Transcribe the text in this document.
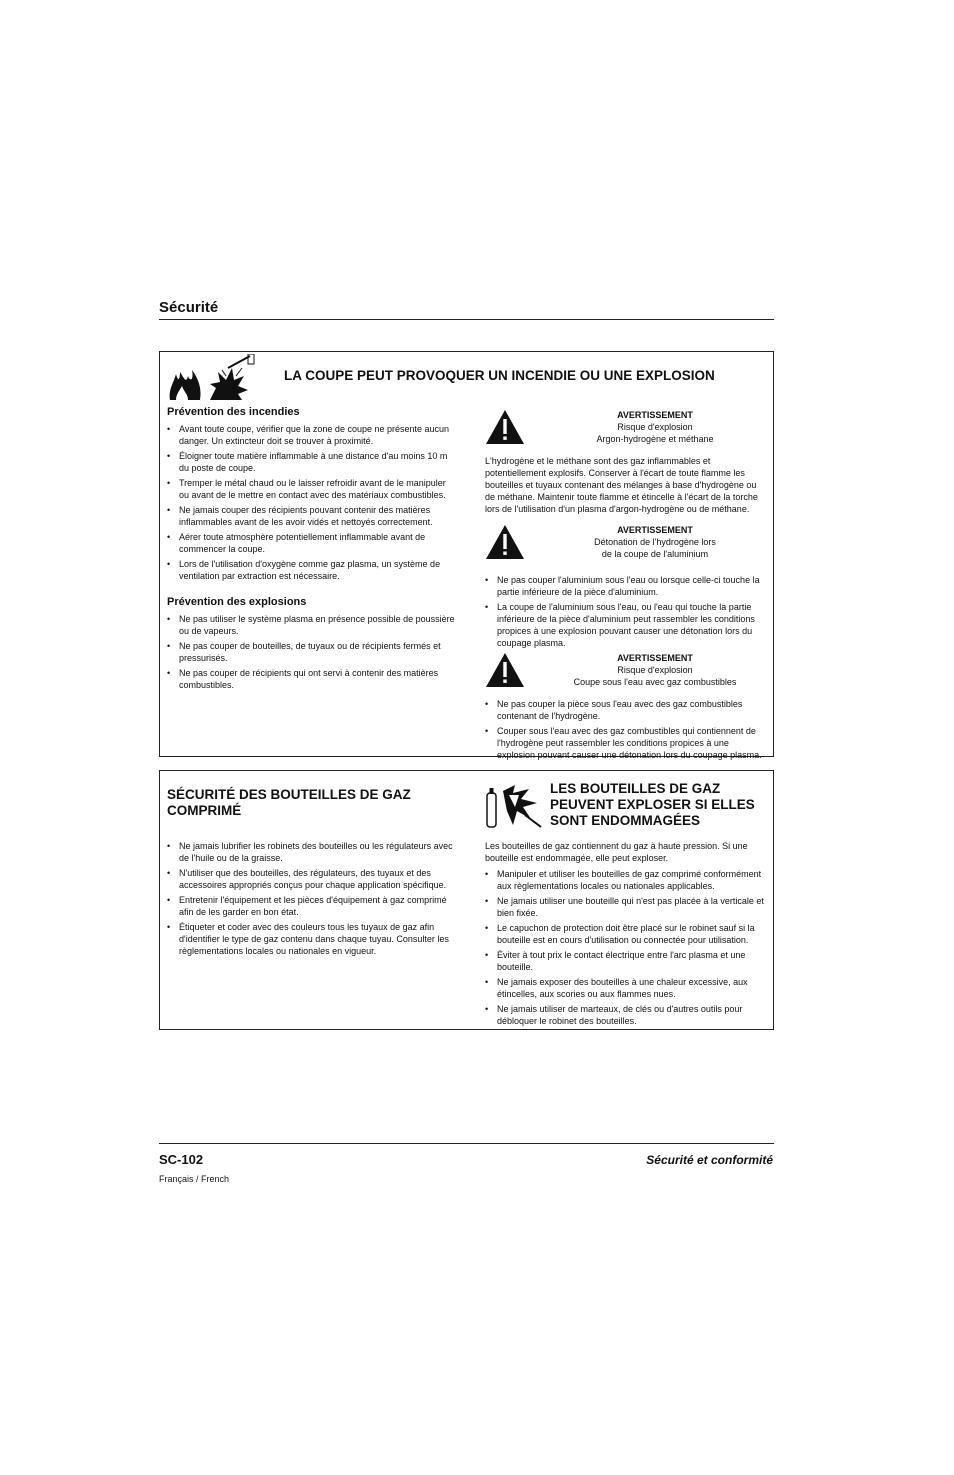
Sécurité
LA COUPE PEUT PROVOQUER UN INCENDIE OU UNE EXPLOSION
Prévention des incendies
• Avant toute coupe, vérifier que la zone de coupe ne présente aucun danger. Un extincteur doit se trouver à proximité.
• Éloigner toute matière inflammable à une distance d'au moins 10 m du poste de coupe.
• Tremper le métal chaud ou le laisser refroidir avant de le manipuler ou avant de le mettre en contact avec des matériaux combustibles.
• Ne jamais couper des récipients pouvant contenir des matières inflammables avant de les avoir vidés et nettoyés correctement.
• Aérer toute atmosphère potentiellement inflammable avant de commencer la coupe.
• Lors de l'utilisation d'oxygène comme gaz plasma, un système de ventilation par extraction est nécessaire.
Prévention des explosions
• Ne pas utiliser le système plasma en présence possible de poussière ou de vapeurs.
• Ne pas couper de bouteilles, de tuyaux ou de récipients fermés et pressurisés.
• Ne pas couper de récipients qui ont servi à contenir des matières combustibles.
AVERTISSEMENT
Risque d'explosion
Argon-hydrogène et méthane
L'hydrogène et le méthane sont des gaz inflammables et potentiellement explosifs. Conserver à l'écart de toute flamme les bouteilles et tuyaux contenant des mélanges à base d'hydrogène ou de méthane. Maintenir toute flamme et étincelle à l'écart de la torche lors de l'utilisation d'un plasma d'argon-hydrogène ou de méthane.
AVERTISSEMENT
Détonation de l'hydrogène lors
de la coupe de l'aluminium
• Ne pas couper l'aluminium sous l'eau ou lorsque celle-ci touche la partie inférieure de la pièce d'aluminium.
• La coupe de l'aluminium sous l'eau, ou l'eau qui touche la partie inférieure de la pièce d'aluminium peut rassembler les conditions propices à une explosion pouvant causer une détonation lors du coupage plasma.
AVERTISSEMENT
Risque d'explosion
Coupe sous l'eau avec gaz combustibles
• Ne pas couper la pièce sous l'eau avec des gaz combustibles contenant de l'hydrogène.
• Couper sous l'eau avec des gaz combustibles qui contiennent de l'hydrogène peut rassembler les conditions propices à une explosion pouvant causer une détonation lors du coupage plasma.
SÉCURITÉ DES BOUTEILLES DE GAZ COMPRIMÉ
• Ne jamais lubrifier les robinets des bouteilles ou les régulateurs avec de l'huile ou de la graisse.
• N'utiliser que des bouteilles, des régulateurs, des tuyaux et des accessoires appropriés conçus pour chaque application spécifique.
• Entretenir l'équipement et les pièces d'équipement à gaz comprimé afin de les garder en bon état.
• Étiqueter et coder avec des couleurs tous les tuyaux de gaz afin d'identifier le type de gaz contenu dans chaque tuyau. Consulter les règlementations locales ou nationales en vigueur.
LES BOUTEILLES DE GAZ PEUVENT EXPLOSER SI ELLES SONT ENDOMMAGÉES
Les bouteilles de gaz contiennent du gaz à haute pression. Si une bouteille est endommagée, elle peut exploser.
• Manipuler et utiliser les bouteilles de gaz comprimé conformément aux règlementations locales ou nationales applicables.
• Ne jamais utiliser une bouteille qui n'est pas placée à la verticale et bien fixée.
• Le capuchon de protection doit être placé sur le robinet sauf si la bouteille est en cours d'utilisation ou connectée pour utilisation.
• Éviter à tout prix le contact électrique entre l'arc plasma et une bouteille.
• Ne jamais exposer des bouteilles à une chaleur excessive, aux étincelles, aux scories ou aux flammes nues.
• Ne jamais utiliser de marteaux, de clés ou d'autres outils pour débloquer le robinet des bouteilles.
SC-102	Sécurité et conformité
Français / French
